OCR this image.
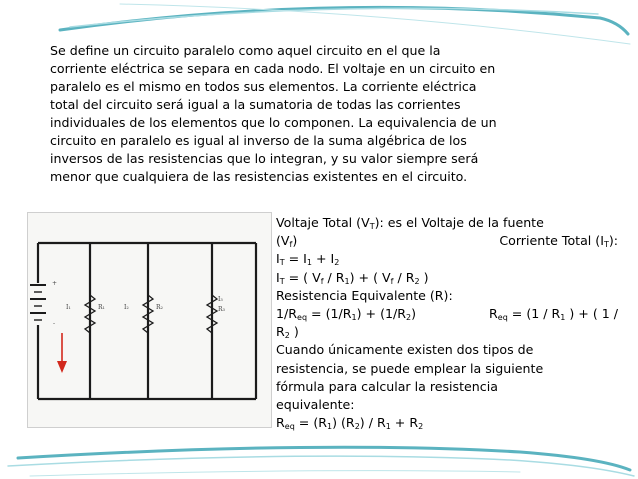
Se define un circuito paralelo como aquel circuito en el que la
corriente eléctrica se separa en cada nodo. El voltaje en un circuito en
paralelo es el mismo en todos sus elementos. La corriente eléctrica
total del circuito será igual a la sumatoria de todas las corrientes
individuales de los elementos que lo componen. La equivalencia de un
circuito en paralelo es igual al inverso de la suma algébrica de los
inversos de las resistencias que lo integran, y su valor siempre será
menor que cualquiera de las resistencias existentes en el circuito.
+
-
I₁	R₁	I₂	R₂
I₃
R₃
Voltaje Total $(V_T)$: es el Voltaje de la fuente
$(V_f)$	Corriente Total $(I_T)$:
$I_T = I_1 + I_2$
$I_T$ = ( $V_f / R_1$) + ( $V_f / R_2$ )
Resistencia Equivalente (R):
$1/R_{eq} = (1/R_1) + (1/R_2)$	$R_{eq} = (1 / R_1$ ) + ( 1 /
$R_2$ )
Cuando únicamente existen dos tipos de
resistencia, se puede emplear la siguiente
fórmula para calcular la resistencia
equivalente:
$R_{eq} = (R_1)$ $(R_2) / R_1 + R_2$
